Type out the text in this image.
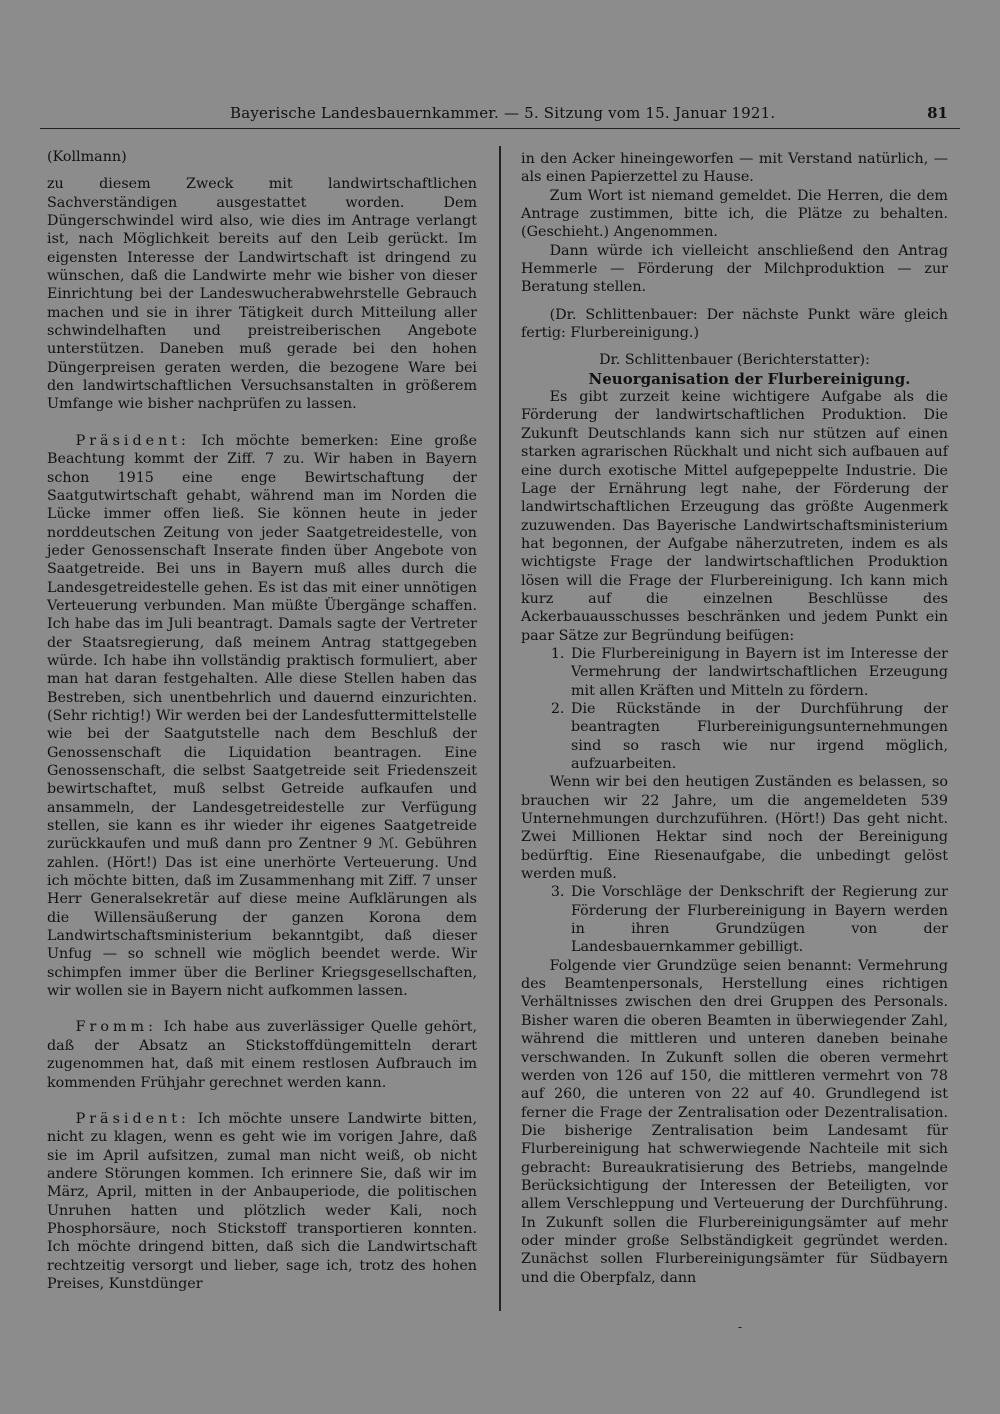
Bayerische Landesbauernkammer. — 5. Sitzung vom 15. Januar 1921.	81

(Kollmann)

zu diesem Zweck mit landwirtschaftlichen Sachverständigen ausgestattet worden. Dem Düngerschwindel wird also, wie dies im Antrage verlangt ist, nach Möglichkeit bereits auf den Leib gerückt. Im eigensten Interesse der Landwirtschaft ist dringend zu wünschen, daß die Landwirte mehr wie bisher von dieser Einrichtung bei der Landeswucherabwehrstelle Gebrauch machen und sie in ihrer Tätigkeit durch Mitteilung aller schwindelhaften und preistreiberischen Angebote unterstützen. Daneben muß gerade bei den hohen Düngerpreisen geraten werden, die bezogene Ware bei den landwirtschaftlichen Versuchsanstalten in größerem Umfange wie bisher nachprüfen zu lassen.

Präsident: Ich möchte bemerken: Eine große Beachtung kommt der Ziff. 7 zu. Wir haben in Bayern schon 1915 eine enge Bewirtschaftung der Saatgutwirtschaft gehabt, während man im Norden die Lücke immer offen ließ. Sie können heute in jeder norddeutschen Zeitung von jeder Saatgetreidestelle, von jeder Genossenschaft Inserate finden über Angebote von Saatgetreide. Bei uns in Bayern muß alles durch die Landesgetreidestelle gehen. Es ist das mit einer unnötigen Verteuerung verbunden. Man müßte Übergänge schaffen. Ich habe das im Juli beantragt. Damals sagte der Vertreter der Staatsregierung, daß meinem Antrag stattgegeben würde. Ich habe ihn vollständig praktisch formuliert, aber man hat daran festgehalten. Alle diese Stellen haben das Bestreben, sich unentbehrlich und dauernd einzurichten. (Sehr richtig!) Wir werden bei der Landesfuttermittelstelle wie bei der Saatgutstelle nach dem Beschluß der Genossenschaft die Liquidation beantragen. Eine Genossenschaft, die selbst Saatgetreide seit Friedenszeit bewirtschaftet, muß selbst Getreide aufkaufen und ansammeln, der Landesgetreidestelle zur Verfügung stellen, sie kann es ihr wieder ihr eigenes Saatgetreide zurückkaufen und muß dann pro Zentner 9 ℳ. Gebühren zahlen. (Hört!) Das ist eine unerhörte Verteuerung. Und ich möchte bitten, daß im Zusammenhang mit Ziff. 7 unser Herr Generalsekretär auf diese meine Aufklärungen als die Willensäußerung der ganzen Korona dem Landwirtschaftsministerium bekanntgibt, daß dieser Unfug — so schnell wie möglich beendet werde. Wir schimpfen immer über die Berliner Kriegsgesellschaften, wir wollen sie in Bayern nicht aufkommen lassen.

Fromm: Ich habe aus zuverlässiger Quelle gehört, daß der Absatz an Stickstoffdüngemitteln derart zugenommen hat, daß mit einem restlosen Aufbrauch im kommenden Frühjahr gerechnet werden kann.

Präsident: Ich möchte unsere Landwirte bitten, nicht zu klagen, wenn es geht wie im vorigen Jahre, daß sie im April aufsitzen, zumal man nicht weiß, ob nicht andere Störungen kommen. Ich erinnere Sie, daß wir im März, April, mitten in der Anbauperiode, die politischen Unruhen hatten und plötzlich weder Kali, noch Phosphorsäure, noch Stickstoff transportieren konnten. Ich möchte dringend bitten, daß sich die Landwirtschaft rechtzeitig versorgt und lieber, sage ich, trotz des hohen Preises, Kunstdünger

in den Acker hineingeworfen — mit Verstand natürlich, — als einen Papierzettel zu Hause.

Zum Wort ist niemand gemeldet. Die Herren, die dem Antrage zustimmen, bitte ich, die Plätze zu behalten. (Geschieht.) Angenommen.

Dann würde ich vielleicht anschließend den Antrag Hemmerle — Förderung der Milchproduktion — zur Beratung stellen.

(Dr. Schlittenbauer: Der nächste Punkt wäre gleich fertig: Flurbereinigung.)

Dr. Schlittenbauer (Berichterstatter):

Neuorganisation der Flurbereinigung.

Es gibt zurzeit keine wichtigere Aufgabe als die Förderung der landwirtschaftlichen Produktion. Die Zukunft Deutschlands kann sich nur stützen auf einen starken agrarischen Rückhalt und nicht sich aufbauen auf eine durch exotische Mittel aufgepeppelte Industrie. Die Lage der Ernährung legt nahe, der Förderung der landwirtschaftlichen Erzeugung das größte Augenmerk zuzuwenden. Das Bayerische Landwirtschaftsministerium hat begonnen, der Aufgabe näherzutreten, indem es als wichtigste Frage der landwirtschaftlichen Produktion lösen will die Frage der Flurbereinigung. Ich kann mich kurz auf die einzelnen Beschlüsse des Ackerbauausschusses beschränken und jedem Punkt ein paar Sätze zur Begründung beifügen:

1. Die Flurbereinigung in Bayern ist im Interesse der Vermehrung der landwirtschaftlichen Erzeugung mit allen Kräften und Mitteln zu fördern.
2. Die Rückstände in der Durchführung der beantragten Flurbereinigungsunternehmungen sind so rasch wie nur irgend möglich, aufzuarbeiten.

Wenn wir bei den heutigen Zuständen es belassen, so brauchen wir 22 Jahre, um die angemeldeten 539 Unternehmungen durchzuführen. (Hört!) Das geht nicht. Zwei Millionen Hektar sind noch der Bereinigung bedürftig. Eine Riesenaufgabe, die unbedingt gelöst werden muß.

3. Die Vorschläge der Denkschrift der Regierung zur Förderung der Flurbereinigung in Bayern werden in ihren Grundzügen von der Landesbauernkammer gebilligt.

Folgende vier Grundzüge seien benannt: Vermehrung des Beamtenpersonals, Herstellung eines richtigen Verhältnisses zwischen den drei Gruppen des Personals. Bisher waren die oberen Beamten in überwiegender Zahl, während die mittleren und unteren daneben beinahe verschwanden. In Zukunft sollen die oberen vermehrt werden von 126 auf 150, die mittleren vermehrt von 78 auf 260, die unteren von 22 auf 40. Grundlegend ist ferner die Frage der Zentralisation oder Dezentralisation. Die bisherige Zentralisation beim Landesamt für Flurbereinigung hat schwerwiegende Nachteile mit sich gebracht: Bureaukratisierung des Betriebs, mangelnde Berücksichtigung der Interessen der Beteiligten, vor allem Verschleppung und Verteuerung der Durchführung. In Zukunft sollen die Flurbereinigungsämter auf mehr oder minder große Selbständigkeit gegründet werden. Zunächst sollen Flurbereinigungsämter für Südbayern und die Oberpfalz, dann

-
